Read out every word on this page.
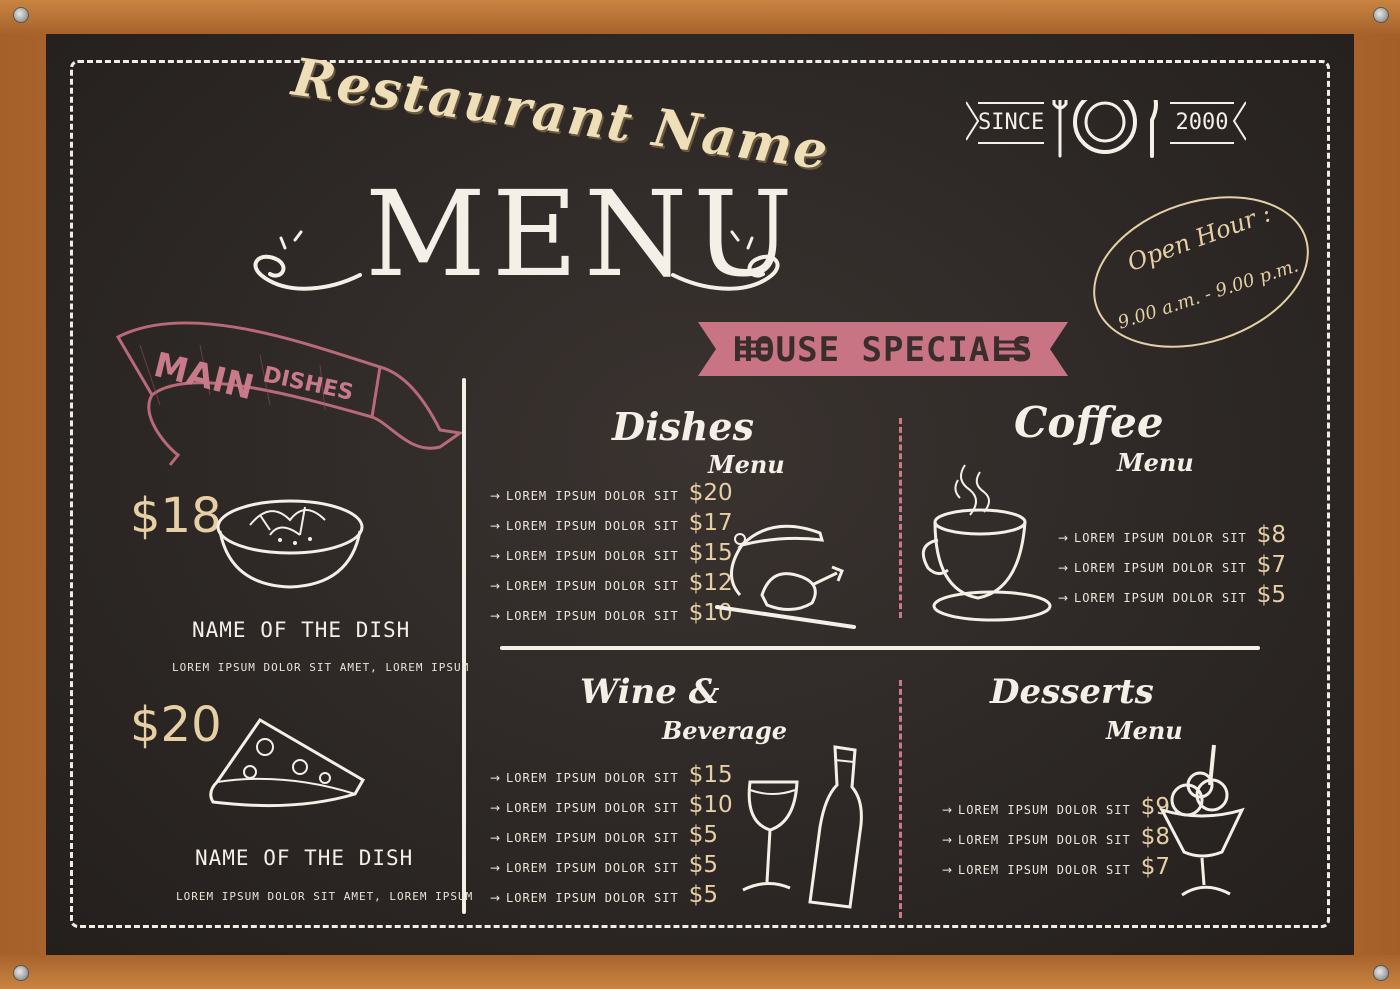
Restaurant Name
MENU
SINCE	2000
Open Hour :
9.00 a.m. - 9.00 p.m.
HOUSE SPECIALS
MAIN DISHES
$18
NAME OF THE DISH
LOREM IPSUM DOLOR SIT AMET, LOREM IPSUM
$20
NAME OF THE DISH
LOREM IPSUM DOLOR SIT AMET, LOREM IPSUM
Dishes
Menu
→ LOREM IPSUM DOLOR SIT $20
→ LOREM IPSUM DOLOR SIT $17
→ LOREM IPSUM DOLOR SIT $15
→ LOREM IPSUM DOLOR SIT $12
→ LOREM IPSUM DOLOR SIT $10
Coffee
Menu
→ LOREM IPSUM DOLOR SIT $8
→ LOREM IPSUM DOLOR SIT $7
→ LOREM IPSUM DOLOR SIT $5
Wine &
Beverage
→ LOREM IPSUM DOLOR SIT $15
→ LOREM IPSUM DOLOR SIT $10
→ LOREM IPSUM DOLOR SIT $5
→ LOREM IPSUM DOLOR SIT $5
→ LOREM IPSUM DOLOR SIT $5
Desserts
Menu
→ LOREM IPSUM DOLOR SIT $9
→ LOREM IPSUM DOLOR SIT $8
→ LOREM IPSUM DOLOR SIT $7
